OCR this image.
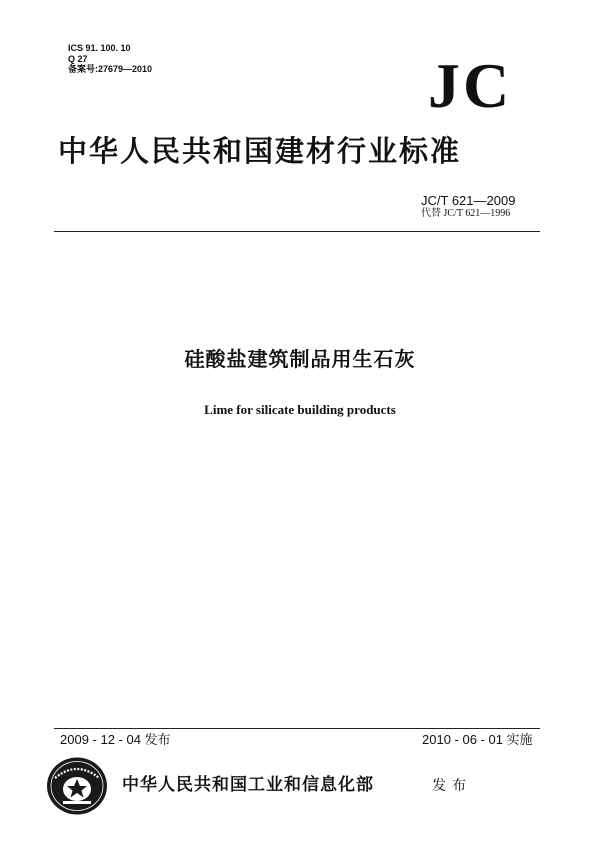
ICS 91. 100. 10
Q 27
备案号:27679—2010	JC
中华人民共和国建材行业标准
JC/T 621—2009
代替 JC/T 621—1996
硅酸盐建筑制品用生石灰
Lime for silicate building products
2009 - 12 - 04 发布	2010 - 06 - 01 实施
中华人民共和国工业和信息化部	发布
